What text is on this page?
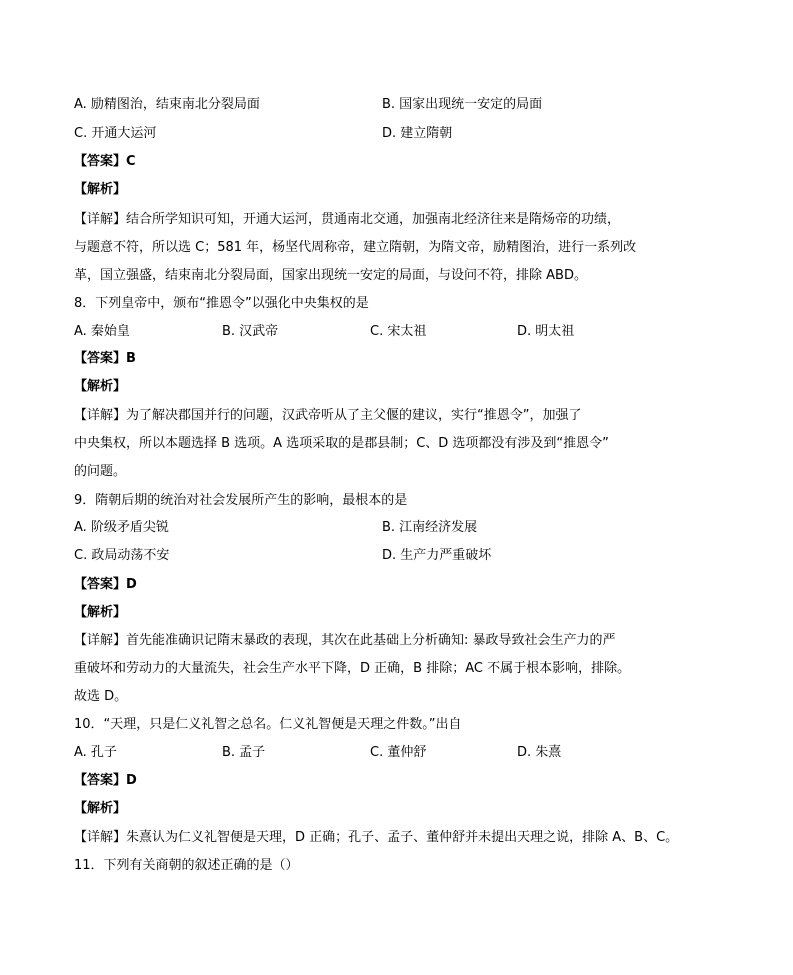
A. 励精图治，结束南北分裂局面	B. 国家出现统一安定的局面
C. 开通大运河	D. 建立隋朝
【答案】C
【解析】
【详解】结合所学知识可知，开通大运河，贯通南北交通，加强南北经济往来是隋炀帝的功绩，
与题意不符，所以选 C；581 年，杨坚代周称帝，建立隋朝，为隋文帝，励精图治，进行一系列改
革，国立强盛，结束南北分裂局面，国家出现统一安定的局面，与设问不符，排除 ABD。
8．下列皇帝中，颁布“推恩令”以强化中央集权的是
A. 秦始皇	B. 汉武帝	C. 宋太祖	D. 明太祖
【答案】B
【解析】
【详解】为了解决郡国并行的问题，汉武帝听从了主父偃的建议，实行“推恩令”，加强了
中央集权，所以本题选择 B 选项。A 选项采取的是郡县制；C、D 选项都没有涉及到“推恩令”
的问题。
9．隋朝后期的统治对社会发展所产生的影响，最根本的是
A. 阶级矛盾尖锐	B. 江南经济发展
C. 政局动荡不安	D. 生产力严重破坏
【答案】D
【解析】
【详解】首先能准确识记隋末暴政的表现，其次在此基础上分析确知: 暴政导致社会生产力的严
重破坏和劳动力的大量流失，社会生产水平下降，D 正确，B 排除；AC 不属于根本影响，排除。
故选 D。
10．“天理，只是仁义礼智之总名。仁义礼智便是天理之件数。”出自
A. 孔子	B. 孟子	C. 董仲舒	D. 朱熹
【答案】D
【解析】
【详解】朱熹认为仁义礼智便是天理，D 正确；孔子、孟子、董仲舒并未提出天理之说，排除 A、B、C。
11．下列有关商朝的叙述正确的是（）
